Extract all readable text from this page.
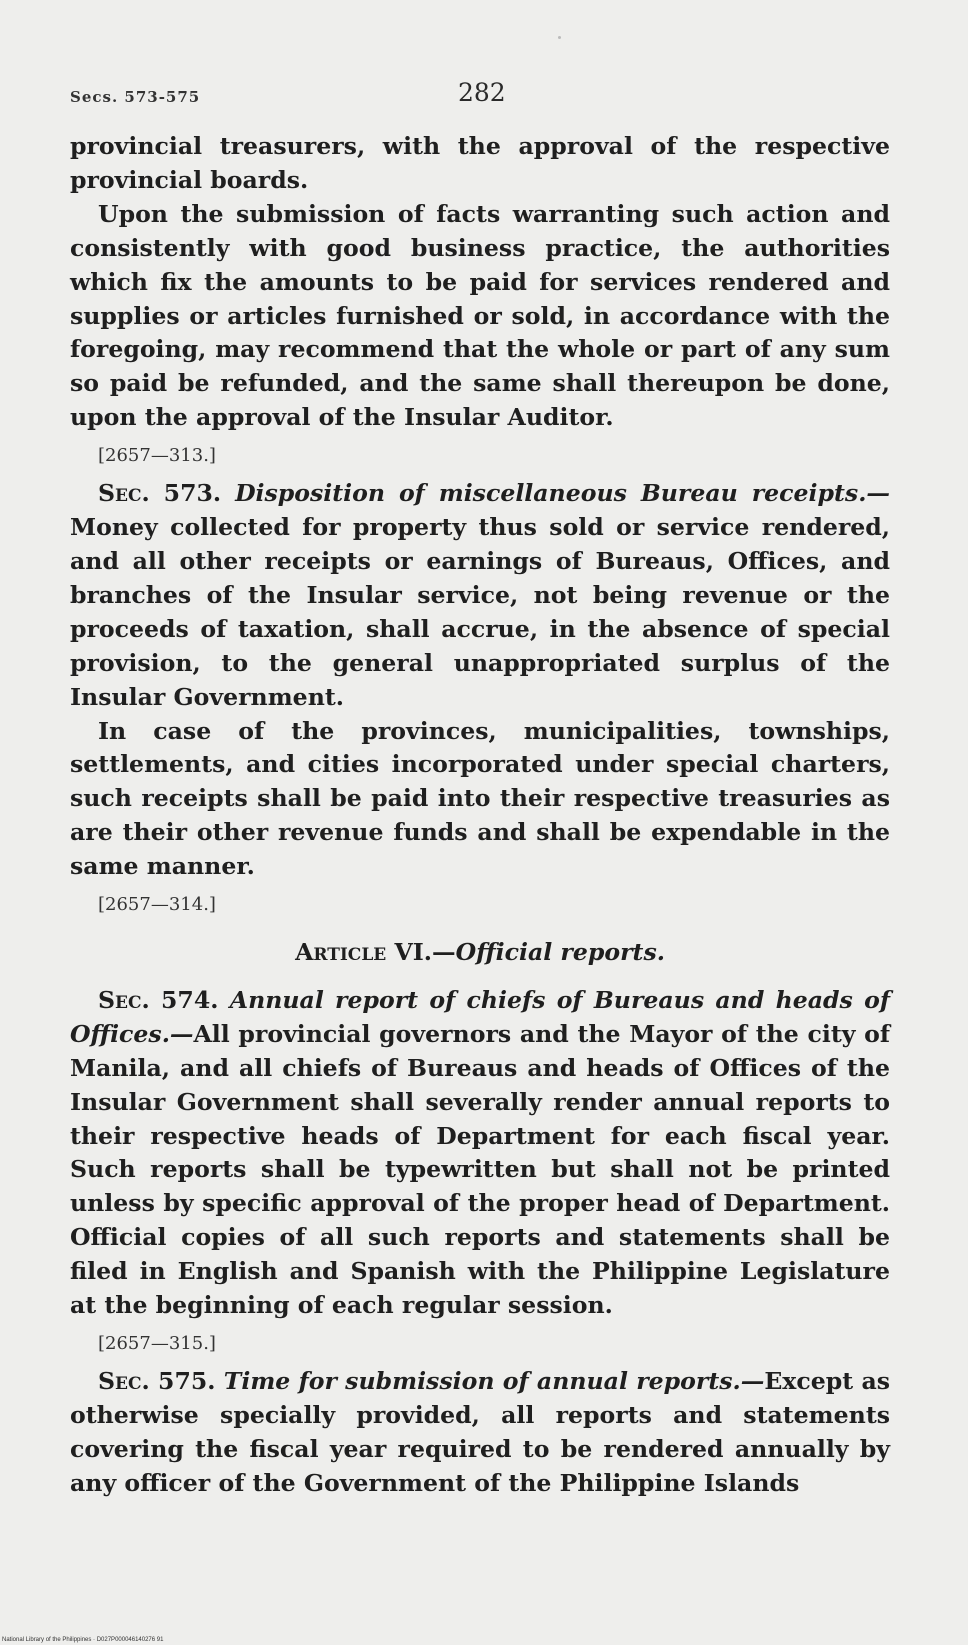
Secs. 573-575	282

provincial treasurers, with the approval of the respective provincial boards.

Upon the submission of facts warranting such action and consistently with good business practice, the authorities which fix the amounts to be paid for services rendered and supplies or articles furnished or sold, in accordance with the foregoing, may recommend that the whole or part of any sum so paid be refunded, and the same shall thereupon be done, upon the approval of the Insular Auditor.

[2657—313.]

Sec. 573. Disposition of miscellaneous Bureau receipts.—Money collected for property thus sold or service rendered, and all other receipts or earnings of Bureaus, Offices, and branches of the Insular service, not being revenue or the proceeds of taxation, shall accrue, in the absence of special provision, to the general unappropriated surplus of the Insular Government.

In case of the provinces, municipalities, townships, settlements, and cities incorporated under special charters, such receipts shall be paid into their respective treasuries as are their other revenue funds and shall be expendable in the same manner.

[2657—314.]

Article VI.—Official reports.

Sec. 574. Annual report of chiefs of Bureaus and heads of Offices.—All provincial governors and the Mayor of the city of Manila, and all chiefs of Bureaus and heads of Offices of the Insular Government shall severally render annual reports to their respective heads of Department for each fiscal year. Such reports shall be typewritten but shall not be printed unless by specific approval of the proper head of Department. Official copies of all such reports and statements shall be filed in English and Spanish with the Philippine Legislature at the beginning of each regular session.

[2657—315.]

Sec. 575. Time for submission of annual reports.—Except as otherwise specially provided, all reports and statements covering the fiscal year required to be rendered annually by any officer of the Government of the Philippine Islands

National Library of the Philippines · D027P000046140276 91
